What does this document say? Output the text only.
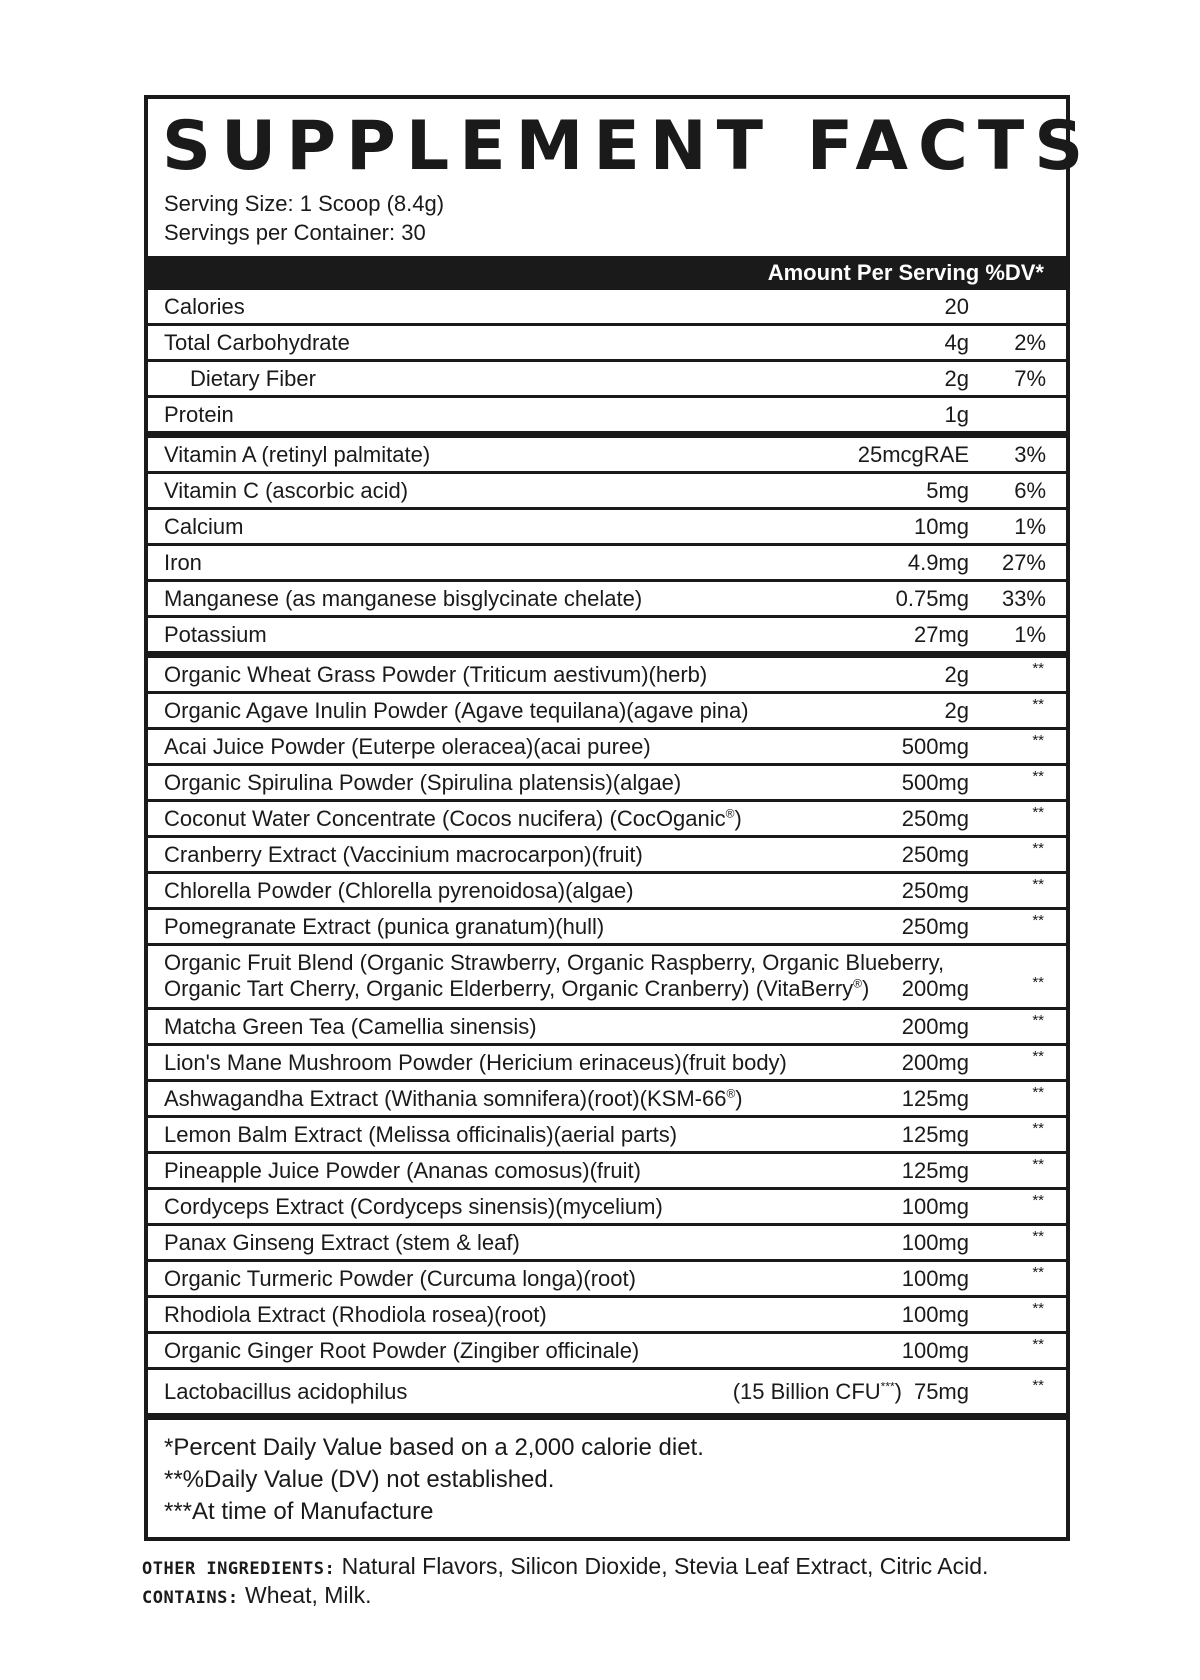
SUPPLEMENT FACTS
Serving Size: 1 Scoop (8.4g)
Servings per Container: 30
Amount Per Serving %DV*
Calories	20
Total Carbohydrate	4g 2%
Dietary Fiber	2g 7%
Protein	1g
Vitamin A (retinyl palmitate)	25mcgRAE 3%
Vitamin C (ascorbic acid)	5mg 6%
Calcium	10mg 1%
Iron	4.9mg 27%
Manganese (as manganese bisglycinate chelate)	0.75mg 33%
Potassium	27mg 1%
Organic Wheat Grass Powder (Triticum aestivum)(herb)	2g	**
Organic Agave Inulin Powder (Agave tequilana)(agave pina)	2g	**
Acai Juice Powder (Euterpe oleracea)(acai puree)	500mg	**
Organic Spirulina Powder (Spirulina platensis)(algae)	500mg	**
Coconut Water Concentrate (Cocos nucifera) (CocOganic®)	250mg	**
Cranberry Extract (Vaccinium macrocarpon)(fruit)	250mg	**
Chlorella Powder (Chlorella pyrenoidosa)(algae)	250mg	**
Pomegranate Extract (punica granatum)(hull)	250mg	**
Organic Fruit Blend (Organic Strawberry, Organic Raspberry, Organic Blueberry,
Organic Tart Cherry, Organic Elderberry, Organic Cranberry) (VitaBerry®) 200mg	**
Matcha Green Tea (Camellia sinensis)	200mg	**
Lion's Mane Mushroom Powder (Hericium erinaceus)(fruit body)	200mg	**
Ashwagandha Extract (Withania somnifera)(root)(KSM-66®)	125mg	**
Lemon Balm Extract (Melissa officinalis)(aerial parts)	125mg	**
Pineapple Juice Powder (Ananas comosus)(fruit)	125mg	**
Cordyceps Extract (Cordyceps sinensis)(mycelium)	100mg	**
Panax Ginseng Extract (stem & leaf)	100mg	**
Organic Turmeric Powder (Curcuma longa)(root)	100mg	**
Rhodiola Extract (Rhodiola rosea)(root)	100mg	**
Organic Ginger Root Powder (Zingiber officinale)	100mg	**
Lactobacillus acidophilus	(15 Billion CFU***) 75mg	**
*Percent Daily Value based on a 2,000 calorie diet.
**%Daily Value (DV) not established.
***At time of Manufacture
OTHER INGREDIENTS: Natural Flavors, Silicon Dioxide, Stevia Leaf Extract, Citric Acid.
CONTAINS: Wheat, Milk.
